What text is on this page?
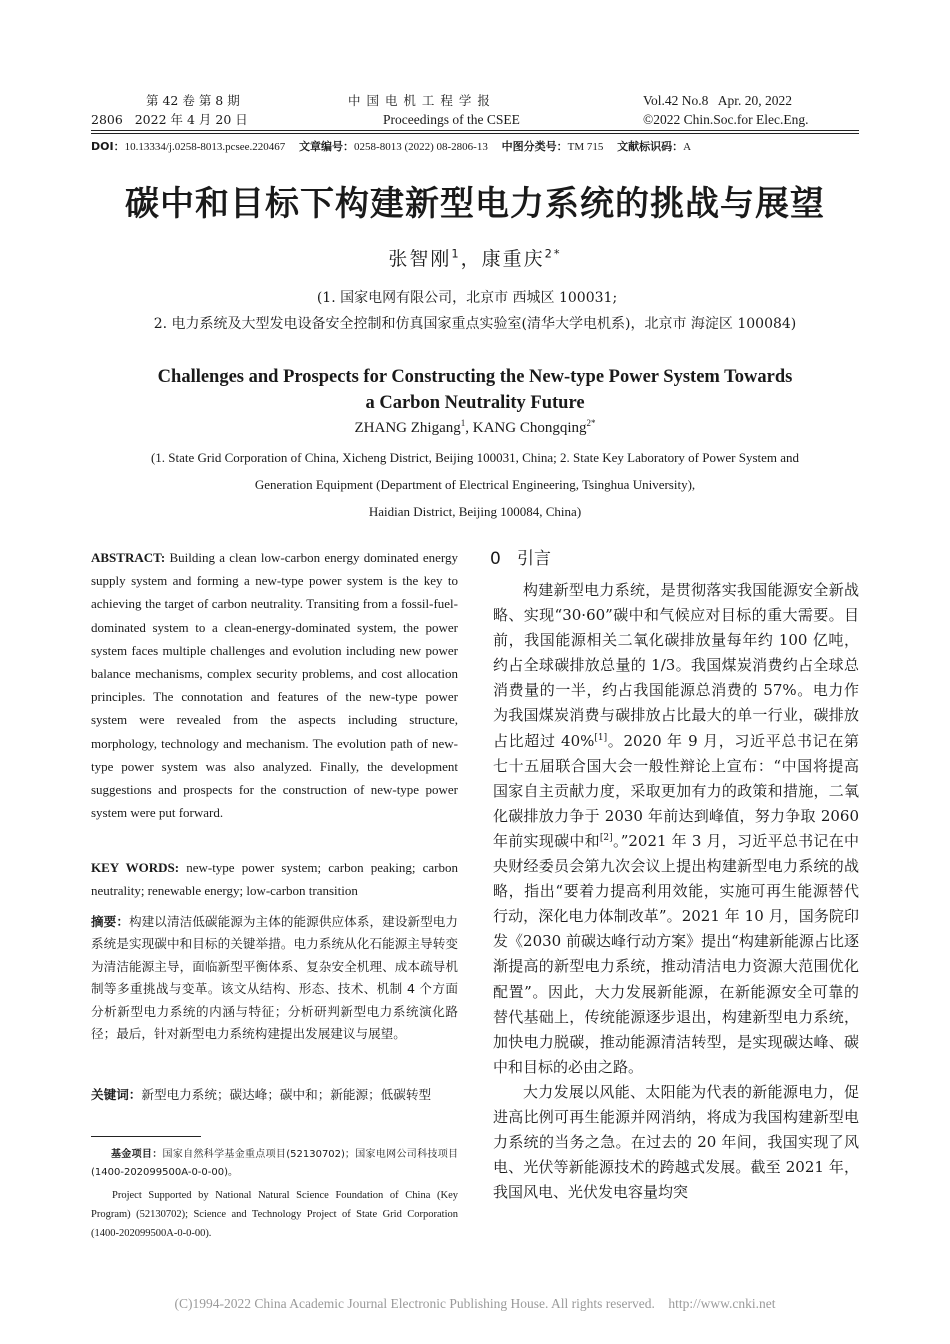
第 42 卷 第 8 期
2806   2022 年 4 月 20 日
中 国 电 机 工 程 学 报
Proceedings of the CSEE
Vol.42 No.8   Apr. 20, 2022
©2022 Chin.Soc.for Elec.Eng.
DOI：10.13334/j.0258-8013.pcsee.220467 文章编号：0258-8013 (2022) 08-2806-13 中图分类号：TM 715 文献标识码：A
碳中和目标下构建新型电力系统的挑战与展望
张智刚$^1$，康重庆$^{2*}$
(1. 国家电网有限公司，北京市 西城区 100031;
2. 电力系统及大型发电设备安全控制和仿真国家重点实验室(清华大学电机系)，北京市 海淀区 100084)
Challenges and Prospects for Constructing the New-type Power System Towards
a Carbon Neutrality Future
ZHANG Zhigang$^1$, KANG Chongqing$^{2*}$
(1. State Grid Corporation of China, Xicheng District, Beijing 100031, China; 2. State Key Laboratory of Power System and
Generation Equipment (Department of Electrical Engineering, Tsinghua University),
Haidian District, Beijing 100084, China)
ABSTRACT: Building a clean low-carbon energy dominated energy supply system and forming a new-type power system is the key to achieving the target of carbon neutrality. Transiting from a fossil-fuel-dominated system to a clean-energy-dominated system, the power system faces multiple challenges and evolution including new power balance mechanisms, complex security problems, and cost allocation principles. The connotation and features of the new-type power system were revealed from the aspects including structure, morphology, technology and mechanism. The evolution path of new-type power system was also analyzed. Finally, the development suggestions and prospects for the construction of new-type power system were put forward.
KEY WORDS: new-type power system; carbon peaking; carbon neutrality; renewable energy; low-carbon transition
摘要：构建以清洁低碳能源为主体的能源供应体系，建设新型电力系统是实现碳中和目标的关键举措。电力系统从化石能源主导转变为清洁能源主导，面临新型平衡体系、复杂安全机理、成本疏导机制等多重挑战与变革。该文从结构、形态、技术、机制 4 个方面分析新型电力系统的内涵与特征；分析研判新型电力系统演化路径；最后，针对新型电力系统构建提出发展建议与展望。
关键词：新型电力系统；碳达峰；碳中和；新能源；低碳转型
基金项目：国家自然科学基金重点项目(52130702)；国家电网公司科技项目(1400-202099500A-0-0-00)。
Project Supported by National Natural Science Foundation of China (Key Program) (52130702); Science and Technology Project of State Grid Corporation (1400-202099500A-0-0-00).
0 引言

构建新型电力系统，是贯彻落实我国能源安全新战略、实现“30·60”碳中和气候应对目标的重大需要。目前，我国能源相关二氧化碳排放量每年约 100 亿吨，约占全球碳排放总量的 1/3。我国煤炭消费约占全球总消费量的一半，约占我国能源总消费的 57%。电力作为我国煤炭消费与碳排放占比最大的单一行业，碳排放占比超过 40%[1]。2020 年 9 月，习近平总书记在第七十五届联合国大会一般性辩论上宣布：“中国将提高国家自主贡献力度，采取更加有力的政策和措施，二氧化碳排放力争于 2030 年前达到峰值，努力争取 2060 年前实现碳中和[2]。”2021 年 3 月，习近平总书记在中央财经委员会第九次会议上提出构建新型电力系统的战略，指出“要着力提高利用效能，实施可再生能源替代行动，深化电力体制改革”。2021 年 10 月，国务院印发《2030 前碳达峰行动方案》提出“构建新能源占比逐渐提高的新型电力系统，推动清洁电力资源大范围优化配置”。因此，大力发展新能源，在新能源安全可靠的替代基础上，传统能源逐步退出，构建新型电力系统，加快电力脱碳，推动能源清洁转型，是实现碳达峰、碳中和目标的必由之路。

大力发展以风能、太阳能为代表的新能源电力，促进高比例可再生能源并网消纳，将成为我国构建新型电力系统的当务之急。在过去的 20 年间，我国实现了风电、光伏等新能源技术的跨越式发展。截至 2021 年，我国风电、光伏发电容量均突

(C)1994-2022 China Academic Journal Electronic Publishing House. All rights reserved.    http://www.cnki.net
